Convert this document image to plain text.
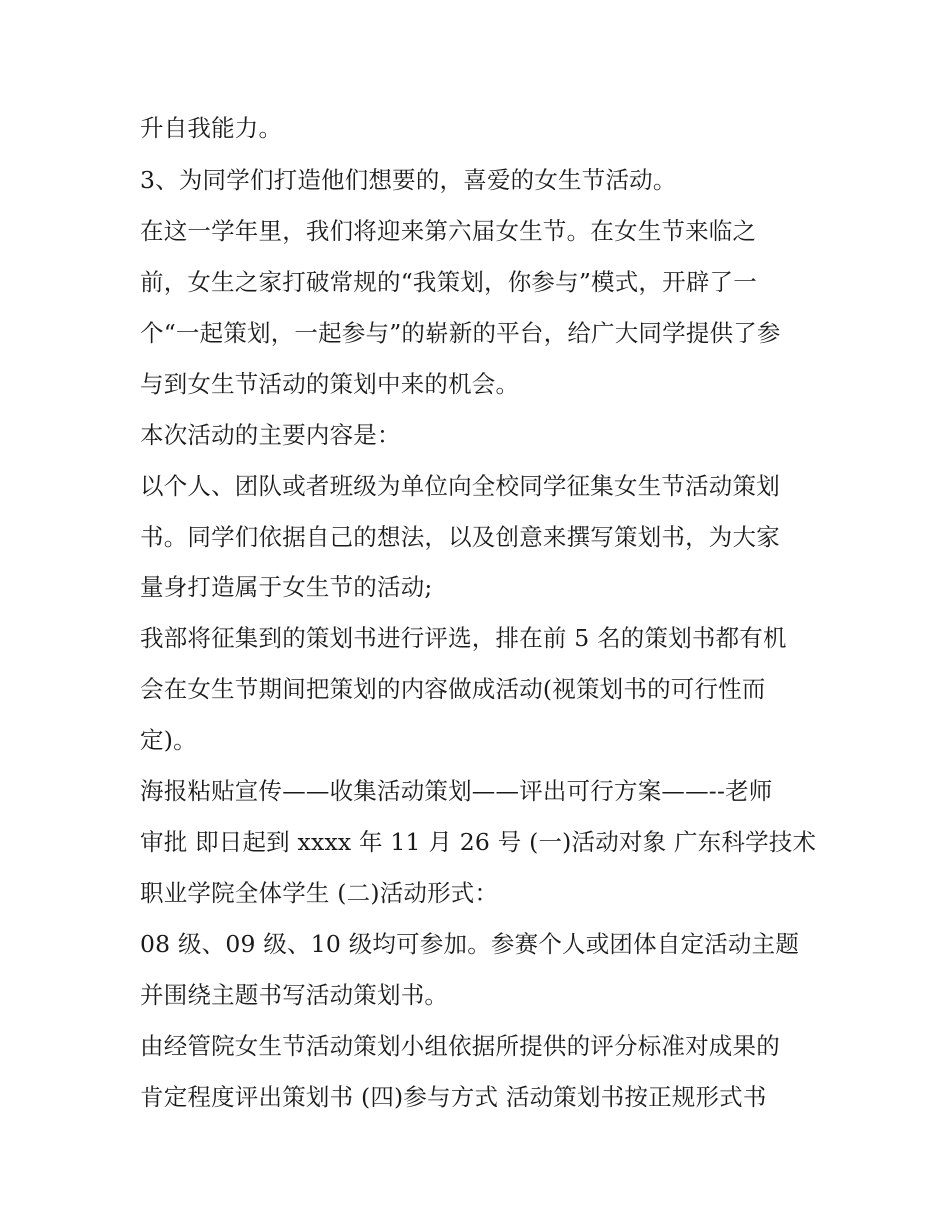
升自我能力。

3、为同学们打造他们想要的，喜爱的女生节活动。

在这一学年里，我们将迎来第六届女生节。在女生节来临之

前，女生之家打破常规的“我策划，你参与”模式，开辟了一

个“一起策划，一起参与”的崭新的平台，给广大同学提供了参

与到女生节活动的策划中来的机会。

本次活动的主要内容是：

以个人、团队或者班级为单位向全校同学征集女生节活动策划

书。同学们依据自己的想法，以及创意来撰写策划书，为大家

量身打造属于女生节的活动;

我部将征集到的策划书进行评选，排在前 5 名的策划书都有机

会在女生节期间把策划的内容做成活动(视策划书的可行性而

定)。

海报粘贴宣传——收集活动策划——评出可行方案——--老师

审批 即日起到 xxxx 年 11 月 26 号 (一)活动对象 广东科学技术

职业学院全体学生 (二)活动形式：

08 级、09 级、10 级均可参加。参赛个人或团体自定活动主题

并围绕主题书写活动策划书。

由经管院女生节活动策划小组依据所提供的评分标准对成果的

肯定程度评出策划书 (四)参与方式 活动策划书按正规形式书
